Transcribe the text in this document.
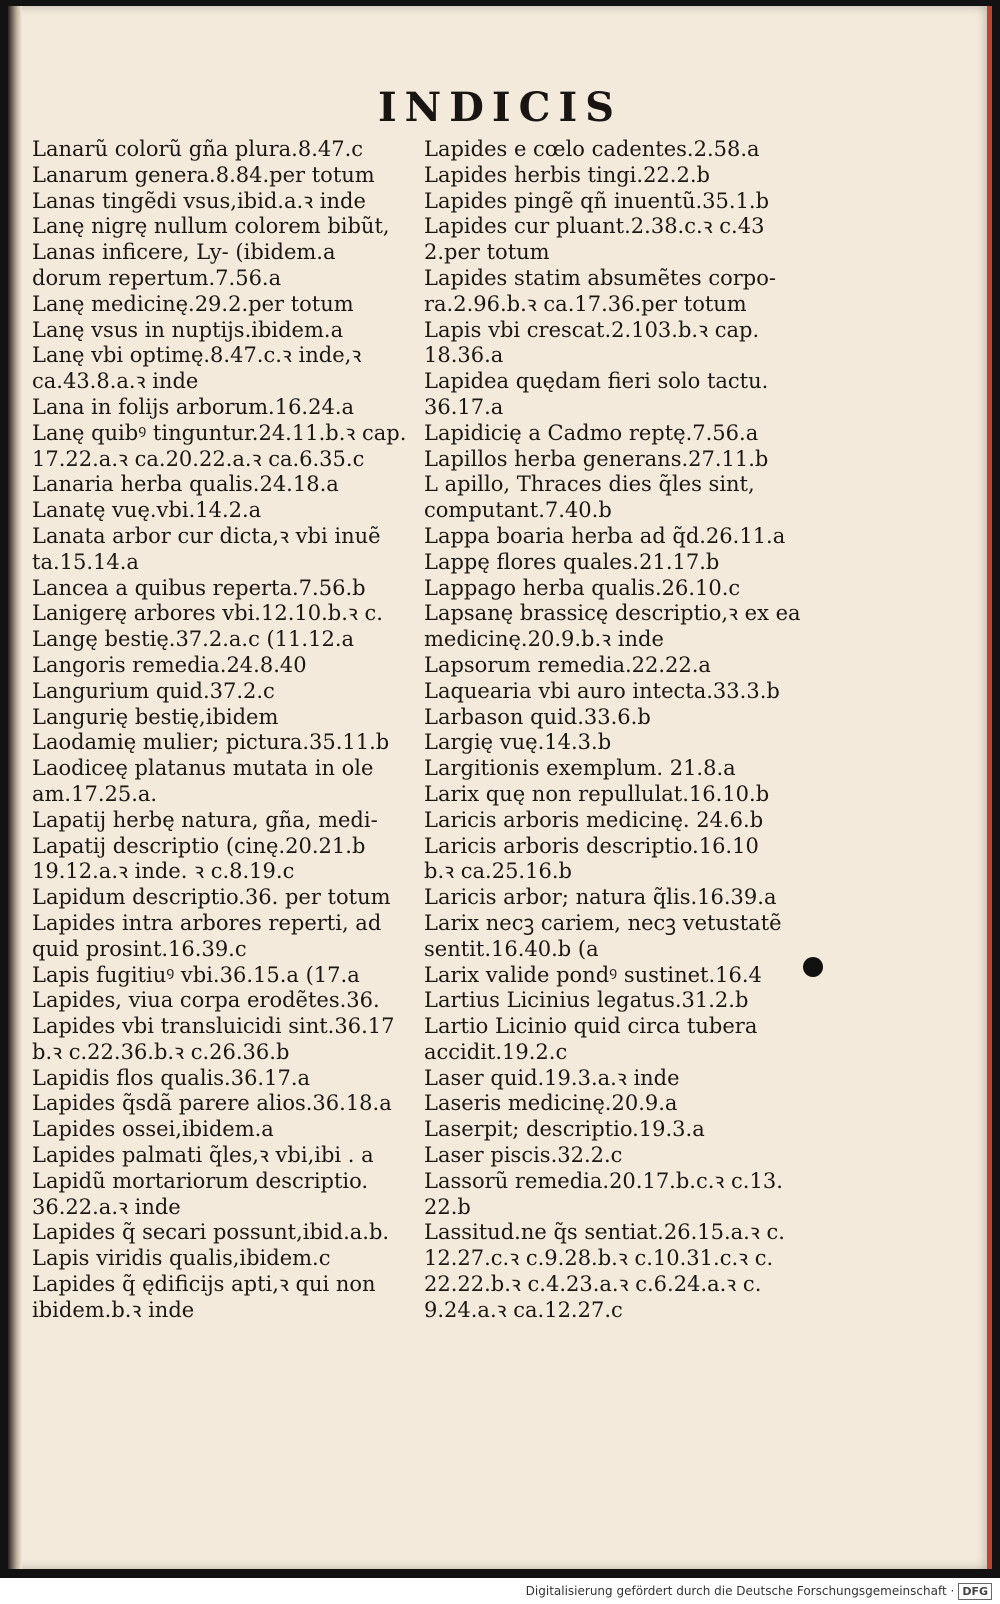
INDICIS
Lanarũ colorũ gña plura.8.47.c
Lanarum genera.8.84.per totum
Lanas tingẽdi vsus,ibid.a.ꝛ inde
Lanę nigrę nullum colorem bibũt,
Lanas inficere, Ly- (ibidem.a
dorum repertum.7.56.a
Lanę medicinę.29.2.per totum
Lanę vsus in nuptijs.ibidem.a
Lanę vbi optimę.8.47.c.ꝛ inde,ꝛ
ca.43.8.a.ꝛ inde
Lana in folijs arborum.16.24.a
Lanę quibꝰ tinguntur.24.11.b.ꝛ cap.
17.22.a.ꝛ ca.20.22.a.ꝛ ca.6.35.c
Lanaria herba qualis.24.18.a
Lanatę vuę.vbi.14.2.a
Lanata arbor cur dicta,ꝛ vbi inuẽ
ta.15.14.a
Lancea a quibus reperta.7.56.b
Lanigerę arbores vbi.12.10.b.ꝛ c.
Langę bestię.37.2.a.c (11.12.a
Langoris remedia.24.8.40
Langurium quid.37.2.c
Langurię bestię,ibidem
Laodamię mulier; pictura.35.11.b
Laodiceę platanus mutata in ole
am.17.25.a.
Lapatij herbę natura, gña, medi-
Lapatij descriptio (cinę.20.21.b
19.12.a.ꝛ inde. ꝛ c.8.19.c
Lapidum descriptio.36. per totum
Lapides intra arbores reperti, ad
quid prosint.16.39.c
Lapis fugitiuꝰ vbi.36.15.a (17.a
Lapides, viua corpa erodẽtes.36.
Lapides vbi transluicidi sint.36.17
b.ꝛ c.22.36.b.ꝛ c.26.36.b
Lapidis flos qualis.36.17.a
Lapides q̃sdã parere alios.36.18.a
Lapides ossei,ibidem.a
Lapides palmati q̃les,ꝛ vbi,ibi . a
Lapidũ mortariorum descriptio.
36.22.a.ꝛ inde
Lapides q̃ secari possunt,ibid.a.b.
Lapis viridis qualis,ibidem.c
Lapides q̃ ędificijs apti,ꝛ qui non
ibidem.b.ꝛ inde
Lapides e cœlo cadentes.2.58.a
Lapides herbis tingi.22.2.b
Lapides pingẽ qñ inuentũ.35.1.b
Lapides cur pluant.2.38.c.ꝛ c.43
2.per totum
Lapides statim absumẽtes corpo-
ra.2.96.b.ꝛ ca.17.36.per totum
Lapis vbi crescat.2.103.b.ꝛ cap.
18.36.a
Lapidea quędam fieri solo tactu.
36.17.a
Lapidicię a Cadmo reptę.7.56.a
Lapillos herba generans.27.11.b
L apillo, Thraces dies q̃les sint,
computant.7.40.b
Lappa boaria herba ad q̃d.26.11.a
Lappę flores quales.21.17.b
Lappago herba qualis.26.10.c
Lapsanę brassicę descriptio,ꝛ ex ea
medicinę.20.9.b.ꝛ inde
Lapsorum remedia.22.22.a
Laquearia vbi auro intecta.33.3.b
Larbason quid.33.6.b
Largię vuę.14.3.b
Largitionis exemplum. 21.8.a
Larix quę non repullulat.16.10.b
Laricis arboris medicinę. 24.6.b
Laricis arboris descriptio.16.10
b.ꝛ ca.25.16.b
Laricis arbor; natura q̃lis.16.39.a
Larix necꝫ cariem, necꝫ vetustatẽ
sentit.16.40.b (a
Larix valide pondꝰ sustinet.16.4
Lartius Licinius legatus.31.2.b
Lartio Licinio quid circa tubera
accidit.19.2.c
Laser quid.19.3.a.ꝛ inde
Laseris medicinę.20.9.a
Laserpit; descriptio.19.3.a
Laser piscis.32.2.c
Lassorũ remedia.20.17.b.c.ꝛ c.13.
22.b
Lassitud.ne q̃s sentiat.26.15.a.ꝛ c.
12.27.c.ꝛ c.9.28.b.ꝛ c.10.31.c.ꝛ c.
22.22.b.ꝛ c.4.23.a.ꝛ c.6.24.a.ꝛ c.
9.24.a.ꝛ ca.12.27.c
Digitalisierung gefördert durch die Deutsche Forschungsgemeinschaft · DFG
